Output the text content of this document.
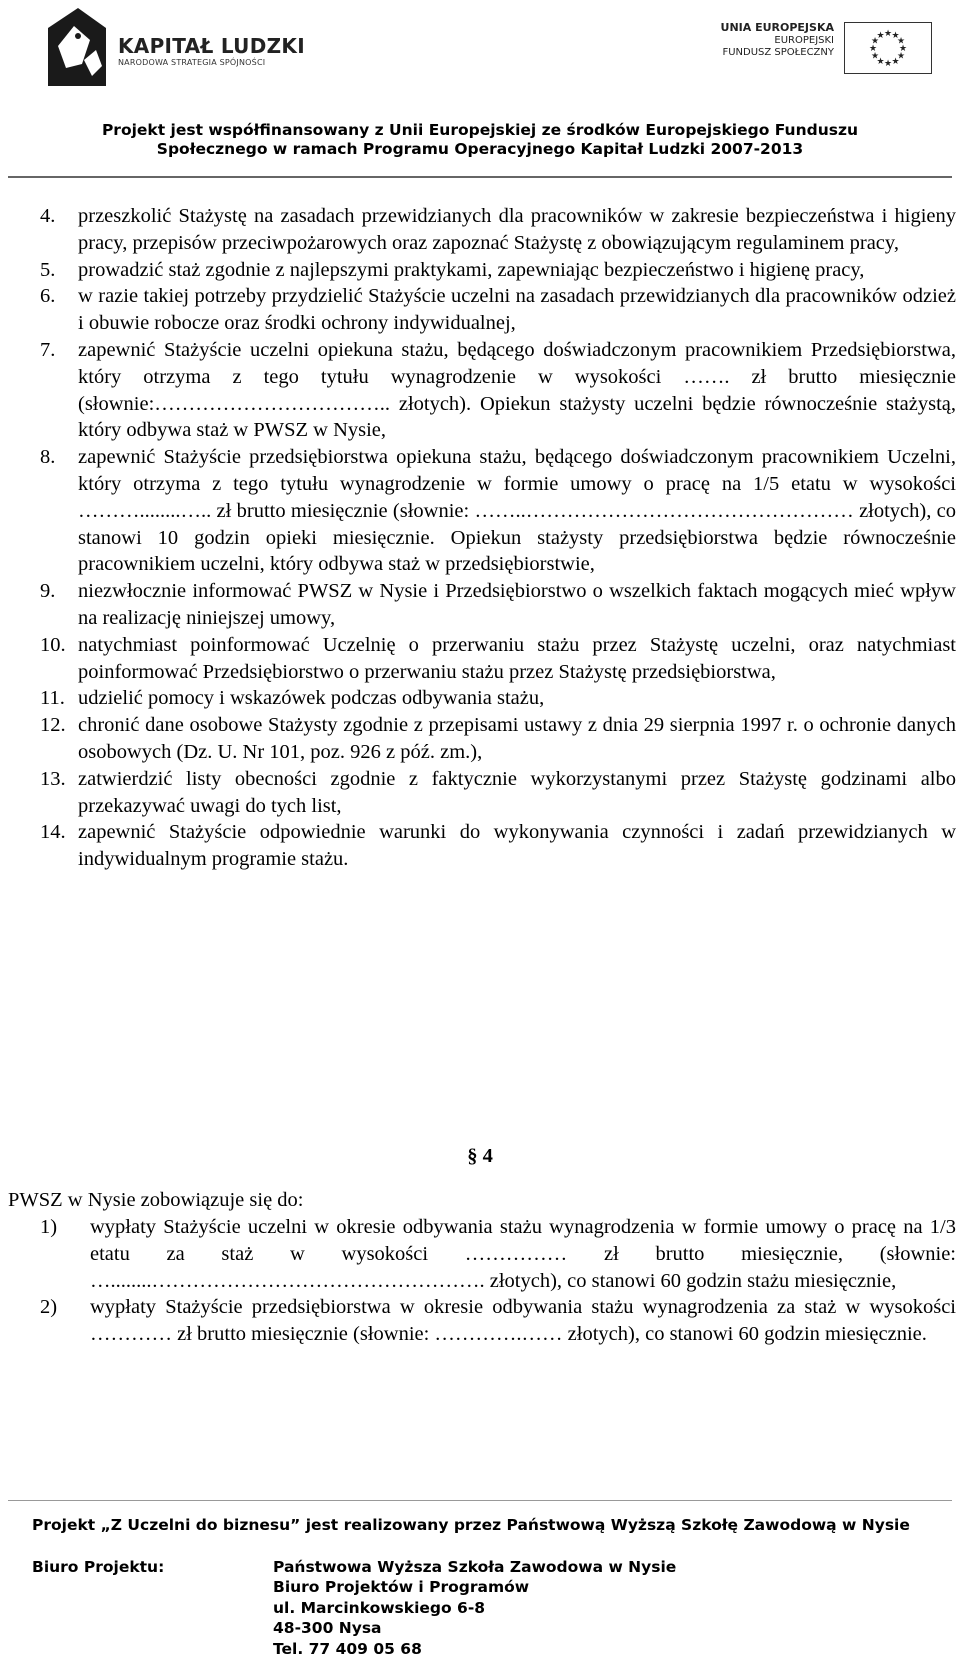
KAPITAŁ LUDZKI
NARODOWA STRATEGIA SPÓJNOŚCI
UNIA EUROPEJSKA
EUROPEJSKI
FUNDUSZ SPOŁECZNY
★ ★
★
★
★
★
★
★
★
★
★
★
Projekt jest współfinansowany z Unii Europejskiej ze środków Europejskiego Funduszu
Społecznego w ramach Programu Operacyjnego Kapitał Ludzki 2007-2013
4. przeszkolić Stażystę na zasadach przewidzianych dla pracowników w zakresie bezpieczeństwa i higieny pracy, przepisów przeciwpożarowych oraz zapoznać Stażystę z obowiązującym regulaminem pracy,
5. prowadzić staż zgodnie z najlepszymi praktykami, zapewniając bezpieczeństwo i higienę pracy,
6. w razie takiej potrzeby przydzielić Stażyście uczelni na zasadach przewidzianych dla pracowników odzież i obuwie robocze oraz środki ochrony indywidualnej,
7. zapewnić Stażyście uczelni opiekuna stażu, będącego doświadczonym pracownikiem Przedsiębiorstwa, który otrzyma z tego tytułu wynagrodzenie w wysokości ……. zł brutto miesięcznie (słownie:…………………………….. złotych). Opiekun stażysty uczelni będzie równocześnie stażystą, który odbywa staż w PWSZ w Nysie,
8. zapewnić Stażyście przedsiębiorstwa opiekuna stażu, będącego doświadczonym pracownikiem Uczelni, który otrzyma z tego tytułu wynagrodzenie w formie umowy o pracę na 1/5 etatu w wysokości ………........….. zł brutto miesięcznie (słownie: ……..………………………………………… złotych), co stanowi 10 godzin opieki miesięcznie. Opiekun stażysty przedsiębiorstwa będzie równocześnie pracownikiem uczelni, który odbywa staż w przedsiębiorstwie,
9. niezwłocznie informować PWSZ w Nysie i Przedsiębiorstwo o wszelkich faktach mogących mieć wpływ na realizację niniejszej umowy,
10. natychmiast poinformować Uczelnię o przerwaniu stażu przez Stażystę uczelni, oraz natychmiast poinformować Przedsiębiorstwo o przerwaniu stażu przez Stażystę przedsiębiorstwa,
11. udzielić pomocy i wskazówek podczas odbywania stażu,
12. chronić dane osobowe Stażysty zgodnie z przepisami ustawy z dnia 29 sierpnia 1997 r. o ochronie danych osobowych (Dz. U. Nr 101, poz. 926 z póź. zm.),
13. zatwierdzić listy obecności zgodnie z faktycznie wykorzystanymi przez Stażystę godzinami albo przekazywać uwagi do tych list,
14. zapewnić Stażyście odpowiednie warunki do wykonywania czynności i zadań przewidzianych w indywidualnym programie stażu.
§ 4
PWSZ w Nysie zobowiązuje się do:
1) wypłaty Stażyście uczelni w okresie odbywania stażu wynagrodzenia w formie umowy o pracę na 1/3 etatu za staż w wysokości …………… zł brutto miesięcznie, (słownie: …........…………………………………………. złotych), co stanowi 60 godzin stażu miesięcznie,
2) wypłaty Stażyście przedsiębiorstwa w okresie odbywania stażu wynagrodzenia za staż w wysokości ………… zł brutto miesięcznie (słownie: ………….…… złotych), co stanowi 60 godzin miesięcznie.
Projekt „Z Uczelni do biznesu” jest realizowany przez Państwową Wyższą Szkołę Zawodową w Nysie
Biuro Projektu:	Państwowa Wyższa Szkoła Zawodowa w Nysie
Biuro Projektów i Programów
ul. Marcinkowskiego 6-8
48-300 Nysa
Tel. 77 409 05 68
